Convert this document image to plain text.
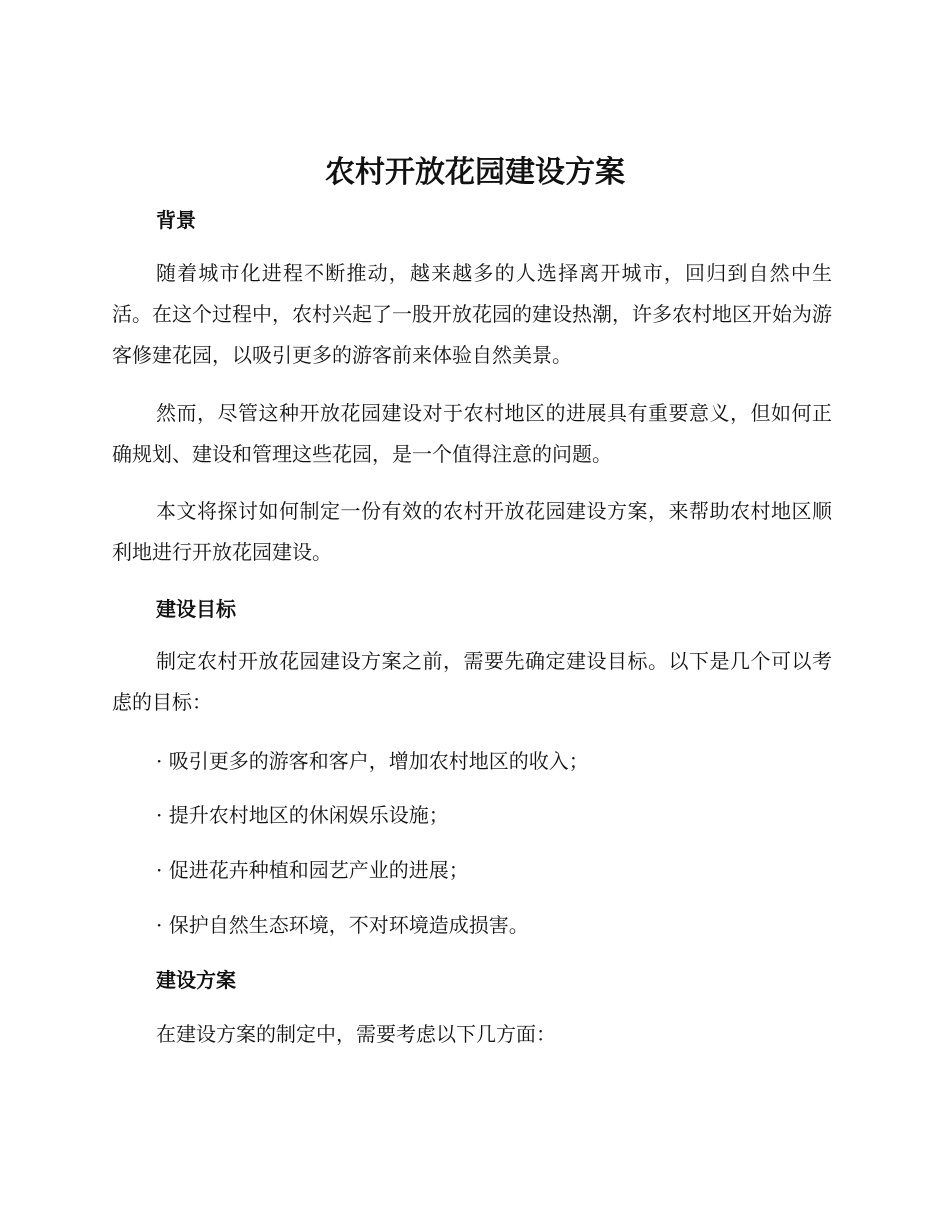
农村开放花园建设方案
背景

随着城市化进程不断推动，越来越多的人选择离开城市，回归到自然中生活。在这个过程中，农村兴起了一股开放花园的建设热潮，许多农村地区开始为游客修建花园，以吸引更多的游客前来体验自然美景。

然而，尽管这种开放花园建设对于农村地区的进展具有重要意义，但如何正确规划、建设和管理这些花园，是一个值得注意的问题。

本文将探讨如何制定一份有效的农村开放花园建设方案，来帮助农村地区顺利地进行开放花园建设。

建设目标

制定农村开放花园建设方案之前，需要先确定建设目标。以下是几个可以考虑的目标：

· 吸引更多的游客和客户，增加农村地区的收入；

· 提升农村地区的休闲娱乐设施；

· 促进花卉种植和园艺产业的进展；

· 保护自然生态环境，不对环境造成损害。

建设方案

在建设方案的制定中，需要考虑以下几方面：
